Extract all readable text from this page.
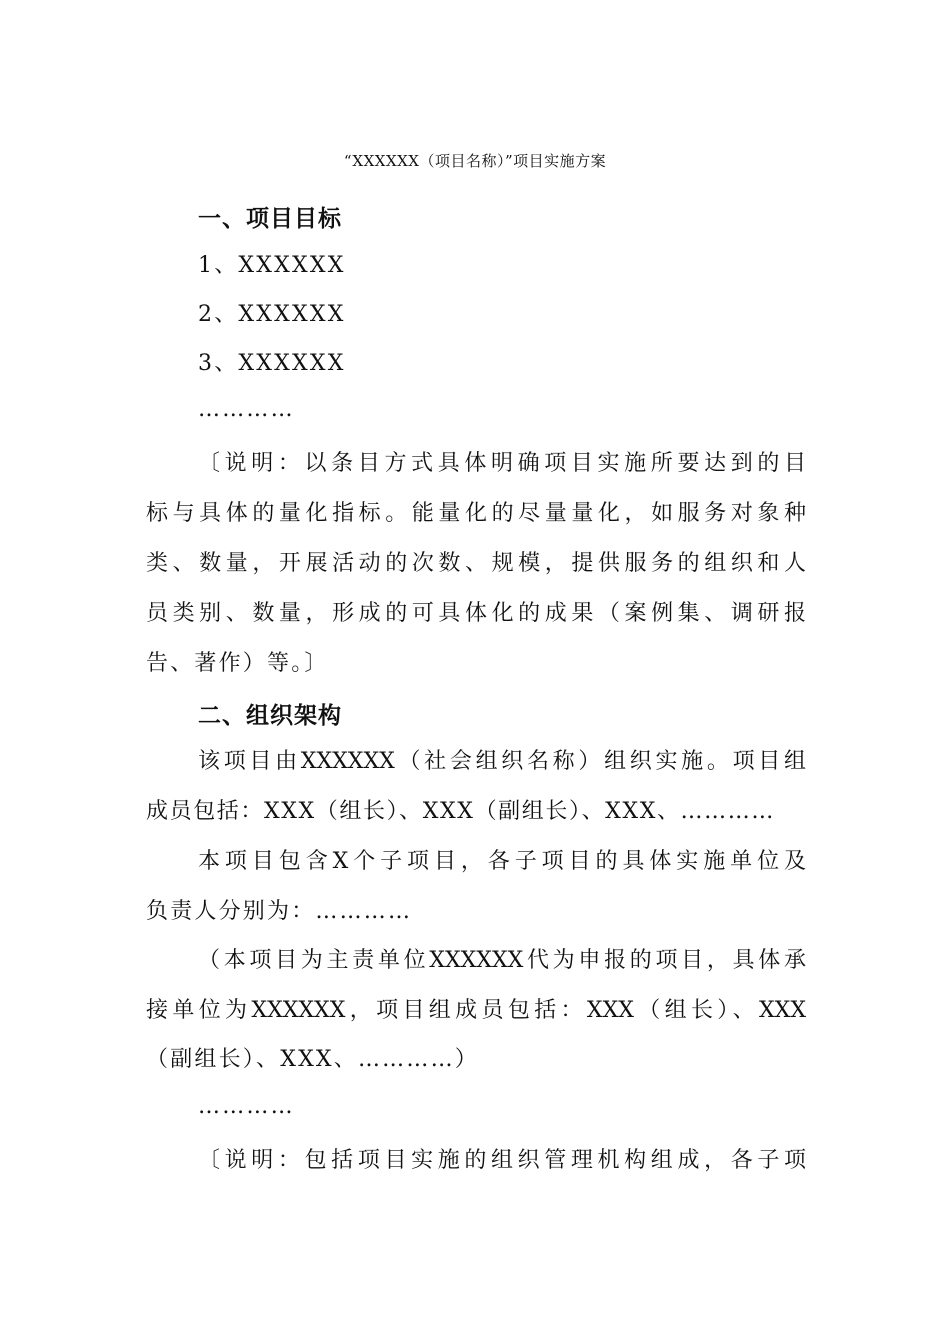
“XXXXXX（项目名称）”项目实施方案
一、项目目标
1、XXXXXX
2、XXXXXX
3、XXXXXX
…………
〔说明：以条目方式具体明确项目实施所要达到的目
标与具体的量化指标。能量化的尽量量化，如服务对象种
类、数量，开展活动的次数、规模，提供服务的组织和人
员类别、数量，形成的可具体化的成果（案例集、调研报
告、著作）等。〕
二、组织架构
该项目由XXXXXX（社会组织名称）组织实施。项目组
成员包括：XXX（组长）、XXX（副组长）、XXX、…………
本项目包含X个子项目，各子项目的具体实施单位及
负责人分别为：…………
（本项目为主责单位XXXXXX代为申报的项目，具体承
接单位为XXXXXX，项目组成员包括：XXX（组长）、XXX
（副组长）、XXX、…………）
…………
〔说明：包括项目实施的组织管理机构组成，各子项
